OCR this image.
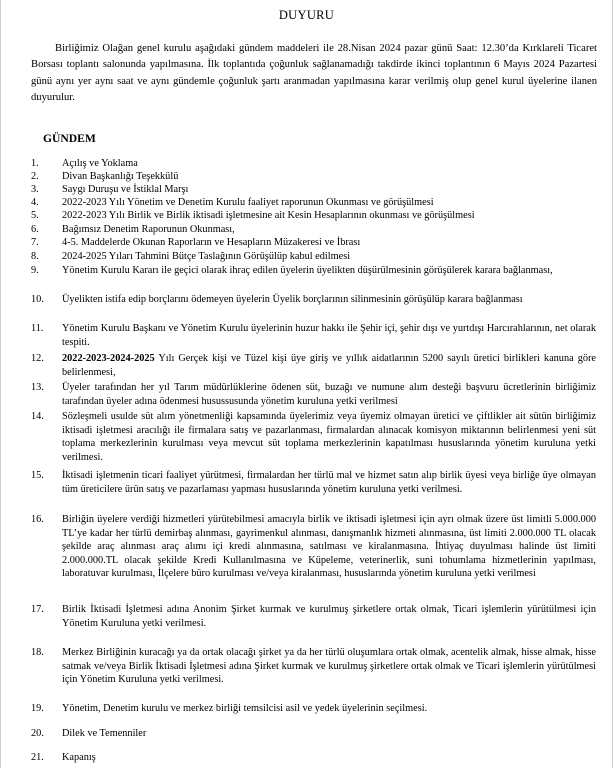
DUYURU

Birliğimiz Olağan genel kurulu aşağıdaki gündem maddeleri ile 28.Nisan 2024 pazar günü Saat: 12.30’da Kırklareli Ticaret Borsası toplantı salonunda yapılmasına. İlk toplantıda çoğunluk sağlanamadığı takdirde ikinci toplantının 6 Mayıs 2024 Pazartesi günü aynı yer aynı saat ve aynı gündemle çoğunluk şartı aranmadan yapılmasına karar verilmiş olup genel kurul üyelerine ilanen duyurulur.

GÜNDEM
1.	Açılış ve Yoklama
2.	Divan Başkanlığı Teşekkülü
3.	Saygı Duruşu ve İstiklal Marşı
4.	2022-2023 Yılı Yönetim ve Denetim Kurulu faaliyet raporunun Okunması ve görüşülmesi
5.	2022-2023 Yılı Birlik ve Birlik iktisadi işletmesine ait Kesin Hesaplarının okunması ve görüşülmesi
6.	Bağımsız Denetim Raporunun Okunması,
7.	4-5. Maddelerde Okunan Raporların ve Hesapların Müzakeresi ve İbrası
8.	2024-2025 Yıları Tahmini Bütçe Taslağının Görüşülüp kabul edilmesi
9.	Yönetim Kurulu Kararı ile geçici olarak ihraç edilen üyelerin üyelikten düşürülmesinin görüşülerek karara bağlanması,
10.	Üyelikten istifa edip borçlarını ödemeyen üyelerin Üyelik borçlarının silinmesinin görüşülüp karara bağlanması
11.	Yönetim Kurulu Başkanı ve Yönetim Kurulu üyelerinin huzur hakkı ile Şehir içi, şehir dışı ve yurtdışı Harcırahlarının, net olarak tespiti.
12.	2022-2023-2024-2025 Yılı Gerçek kişi ve Tüzel kişi üye giriş ve yıllık aidatlarının 5200 sayılı üretici birlikleri kanuna göre belirlenmesi,
13.	Üyeler tarafından her yıl Tarım müdürlüklerine ödenen süt, buzağı ve numune alım desteği başvuru ücretlerinin birliğimiz tarafından üyeler adına ödenmesi husussusunda yönetim kuruluna yetki verilmesi
14.	Sözleşmeli usulde süt alım yönetmenliği kapsamında üyelerimiz veya üyemiz olmayan üretici ve çiftlikler ait sütün birliğimiz iktisadi işletmesi aracılığı ile firmalara satış ve pazarlanması, firmalardan alınacak komisyon miktarının belirlenmesi yeni süt toplama merkezlerinin kurulması veya mevcut süt toplama merkezlerinin kapatılması hususlarında yönetim kuruluna yetki verilmesi.
15.	İktisadi işletmenin ticari faaliyet yürütmesi, firmalardan her türlü mal ve hizmet satın alıp birlik üyesi veya birliğe üye olmayan tüm üreticilere ürün satış ve pazarlaması yapması hususlarında yönetim kuruluna yetki verilmesi.
16.	Birliğin üyelere verdiği hizmetleri yürütebilmesi amacıyla birlik ve iktisadi işletmesi için ayrı olmak üzere üst limitli 5.000.000 TL’ye kadar her türlü demirbaş alınması, gayrimenkul alınması, danışmanlık hizmeti alınmasına, üst limiti 2.000.000 TL olacak şekilde araç alınması araç alımı içi kredi alınmasına, satılması ve kiralanmasına. İhtiyaç duyulması halinde üst limiti 2.000.000.TL olacak şekilde Kredi Kullanılmasına ve Küpeleme, veterinerlik, suni tohumlama hizmetlerinin yapılması, laboratuvar kurulması, İlçelere büro kurulması ve/veya kiralanması, hususlarında yönetim kuruluna yetki verilmesi
17.	Birlik İktisadi İşletmesi adına Anonim Şirket kurmak ve kurulmuş şirketlere ortak olmak, Ticari işlemlerin yürütülmesi için Yönetim Kuruluna yetki verilmesi.
18.	Merkez Birliğinin kuracağı ya da ortak olacağı şirket ya da her türlü oluşumlara ortak olmak, acentelik almak, hisse almak, hisse satmak ve/veya Birlik İktisadi İşletmesi adına Şirket kurmak ve kurulmuş şirketlere ortak olmak ve Ticari işlemlerin yürütülmesi için Yönetim Kuruluna yetki verilmesi.
19.	Yönetim, Denetim kurulu ve merkez birliği temsilcisi asil ve yedek üyelerinin seçilmesi.
20.	Dilek ve Temenniler
21.	Kapanış
